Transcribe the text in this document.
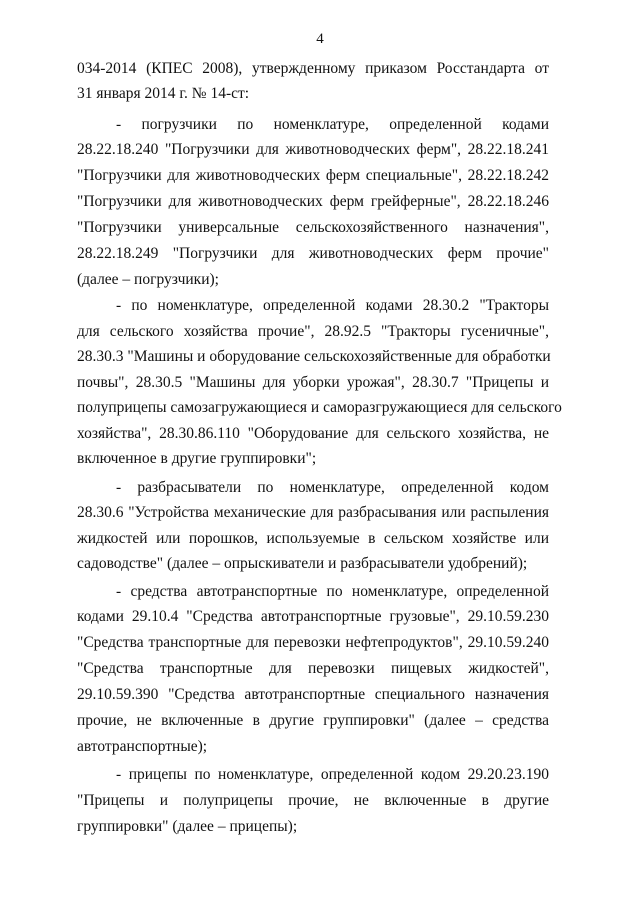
4
034-2014 (КПЕС 2008), утвержденному приказом Росстандарта от
31 января 2014 г. № 14-ст:
- погрузчики по номенклатуре, определенной кодами
28.22.18.240 "Погрузчики для животноводческих ферм", 28.22.18.241
"Погрузчики для животноводческих ферм специальные", 28.22.18.242
"Погрузчики для животноводческих ферм грейферные", 28.22.18.246
"Погрузчики универсальные сельскохозяйственного назначения",
28.22.18.249 "Погрузчики для животноводческих ферм прочие"
(далее – погрузчики);
- по номенклатуре, определенной кодами 28.30.2 "Тракторы
для сельского хозяйства прочие", 28.92.5 "Тракторы гусеничные",
28.30.3 "Машины и оборудование сельскохозяйственные для обработки
почвы", 28.30.5 "Машины для уборки урожая", 28.30.7 "Прицепы и
полуприцепы самозагружающиеся и саморазгружающиеся для сельского
хозяйства", 28.30.86.110 "Оборудование для сельского хозяйства, не
включенное в другие группировки";
- разбрасыватели по номенклатуре, определенной кодом
28.30.6 "Устройства механические для разбрасывания или распыления
жидкостей или порошков, используемые в сельском хозяйстве или
садоводстве" (далее – опрыскиватели и разбрасыватели удобрений);
- средства автотранспортные по номенклатуре, определенной
кодами 29.10.4 "Средства автотранспортные грузовые", 29.10.59.230
"Средства транспортные для перевозки нефтепродуктов", 29.10.59.240
"Средства транспортные для перевозки пищевых жидкостей",
29.10.59.390 "Средства автотранспортные специального назначения
прочие, не включенные в другие группировки" (далее – средства
автотранспортные);
- прицепы по номенклатуре, определенной кодом 29.20.23.190
"Прицепы и полуприцепы прочие, не включенные в другие
группировки" (далее – прицепы);
